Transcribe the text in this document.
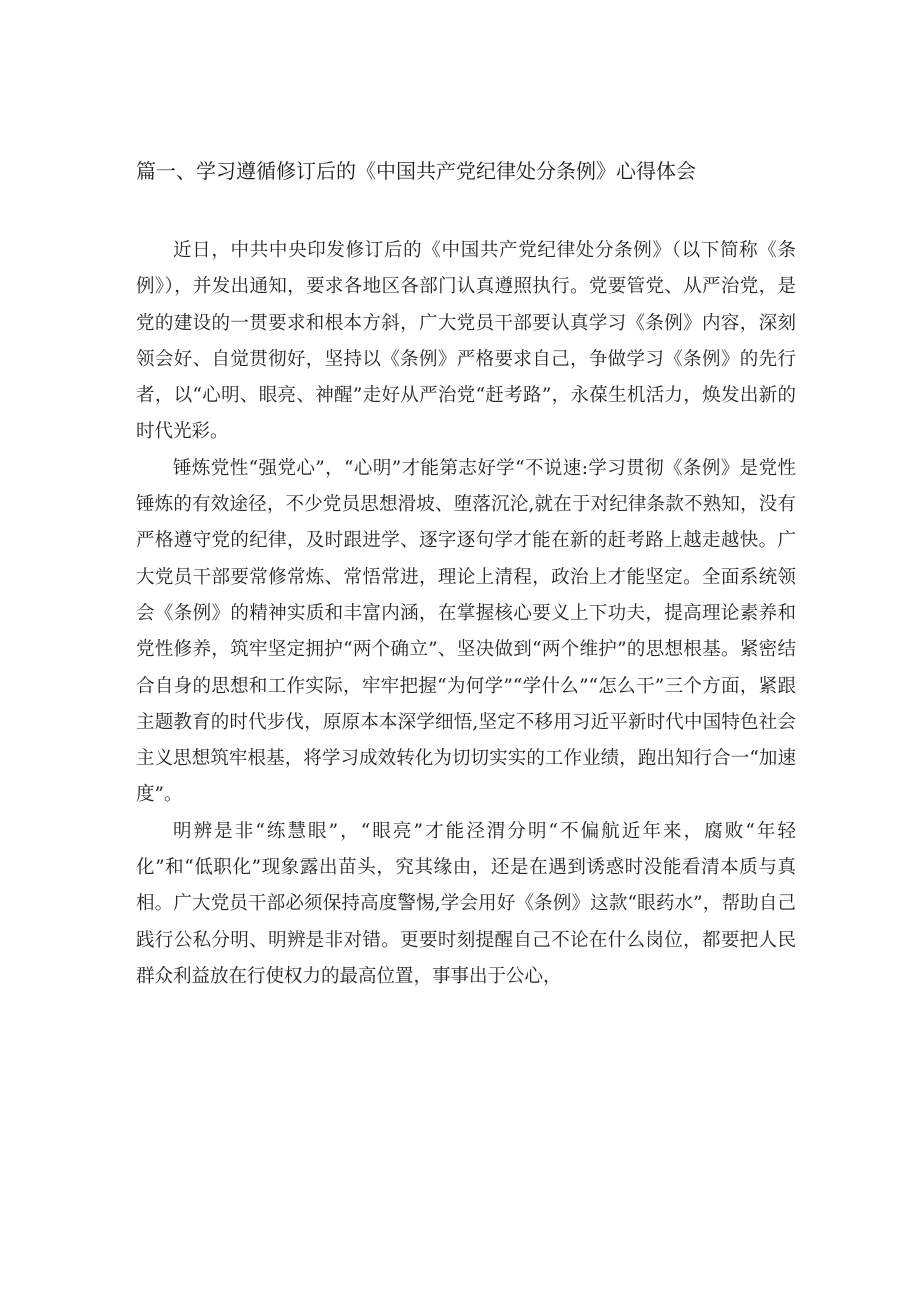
篇一、学习遵循修订后的《中国共产党纪律处分条例》心得体会

近日，中共中央印发修订后的《中国共产党纪律处分条例》（以下简称《条例》），并发出通知，要求各地区各部门认真遵照执行。党要管党、从严治党，是党的建设的一贯要求和根本方斜，广大党员干部要认真学习《条例》内容，深刻领会好、自觉贯彻好，坚持以《条例》严格要求自己，争做学习《条例》的先行者，以“心明、眼亮、神醒”走好从严治党“赶考路”，永葆生机活力，焕发出新的时代光彩。

锤炼党性“强党心”，“心明”才能第志好学“不说速:学习贯彻《条例》是党性锤炼的有效途径，不少党员思想滑坡、堕落沉沦,就在于对纪律条款不熟知，没有严格遵守党的纪律，及时跟进学、逐字逐句学才能在新的赶考路上越走越快。广大党员干部要常修常炼、常悟常进，理论上清程，政治上才能坚定。全面系统领会《条例》的精神实质和丰富内涵，在掌握核心要义上下功夫，提高理论素养和党性修养，筑牢坚定拥护“两个确立”、坚决做到“两个维护”的思想根基。紧密结合自身的思想和工作实际，牢牢把握“为何学”“学什么”“怎么干”三个方面，紧跟主题教育的时代步伐，原原本本深学细悟,坚定不移用习近平新时代中国特色社会主义思想筑牢根基，将学习成效转化为切切实实的工作业绩，跑出知行合一“加速度”。

明辨是非“练慧眼”，“眼亮”才能泾渭分明“不偏航近年来，腐败“年轻化”和“低职化”现象露出苗头，究其缘由，还是在遇到诱惑时没能看清本质与真相。广大党员干部必须保持高度警惕,学会用好《条例》这款“眼药水”，帮助自己践行公私分明、明辨是非对错。更要时刻提醒自己不论在什么岗位，都要把人民群众利益放在行使权力的最高位置，事事出于公心，
